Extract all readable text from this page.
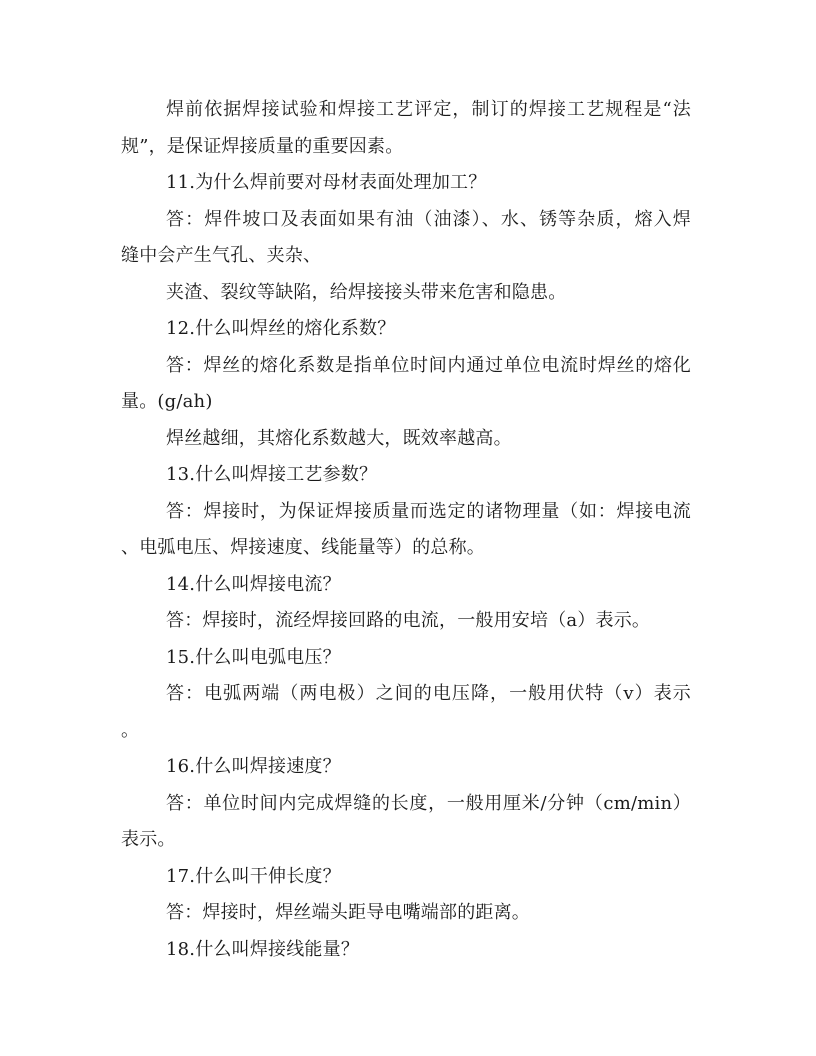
焊前依据焊接试验和焊接工艺评定，制订的焊接工艺规程是“法
规”，是保证焊接质量的重要因素。
11.为什么焊前要对母材表面处理加工？
答：焊件坡口及表面如果有油（油漆）、水、锈等杂质，熔入焊
缝中会产生气孔、夹杂、
夹渣、裂纹等缺陷，给焊接接头带来危害和隐患。
12.什么叫焊丝的熔化系数？
答：焊丝的熔化系数是指单位时间内通过单位电流时焊丝的熔化
量。(g/ah)
焊丝越细，其熔化系数越大，既效率越高。
13.什么叫焊接工艺参数？
答：焊接时，为保证焊接质量而选定的诸物理量（如：焊接电流
、电弧电压、焊接速度、线能量等）的总称。
14.什么叫焊接电流？
答：焊接时，流经焊接回路的电流，一般用安培（a）表示。
15.什么叫电弧电压？
答：电弧两端（两电极）之间的电压降，一般用伏特（v）表示
。
16.什么叫焊接速度？
答：单位时间内完成焊缝的长度，一般用厘米/分钟（cm/min）
表示。
17.什么叫干伸长度？
答：焊接时，焊丝端头距导电嘴端部的距离。
18.什么叫焊接线能量？
